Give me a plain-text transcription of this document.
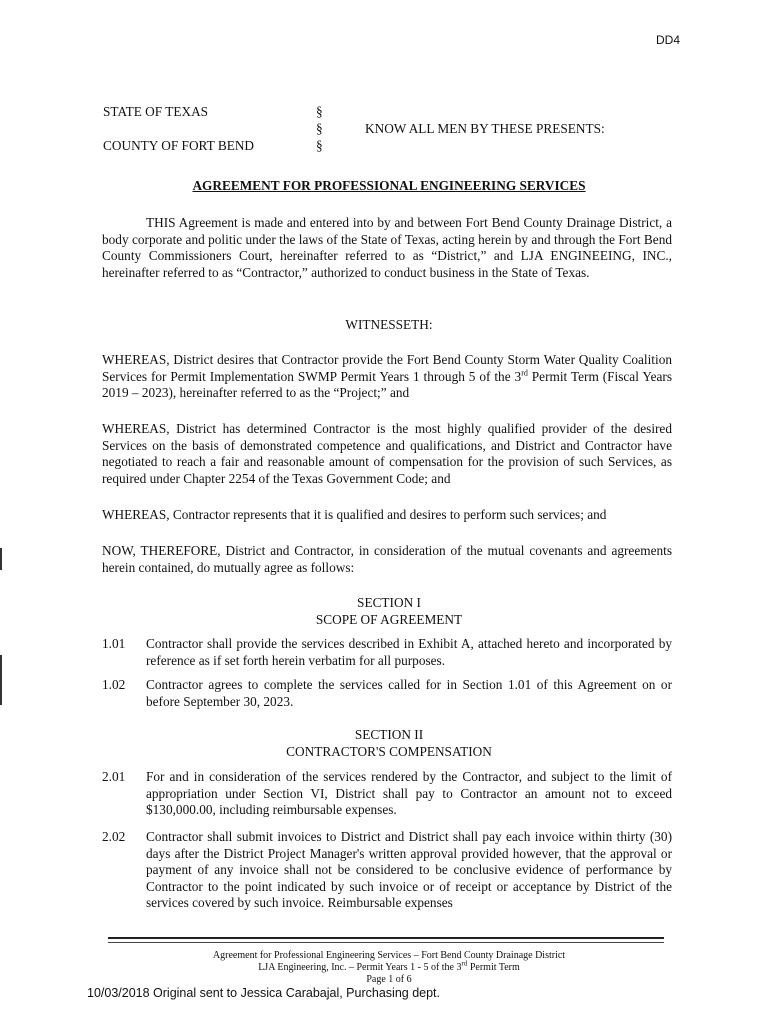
DD4
STATE OF TEXAS
COUNTY OF FORT BEND
§
§
§
KNOW ALL MEN BY THESE PRESENTS:
AGREEMENT FOR PROFESSIONAL ENGINEERING SERVICES
THIS Agreement is made and entered into by and between Fort Bend County Drainage District, a body corporate and politic under the laws of the State of Texas, acting herein by and through the Fort Bend County Commissioners Court, hereinafter referred to as “District,” and LJA ENGINEEING, INC., hereinafter referred to as “Contractor,” authorized to conduct business in the State of Texas.
WITNESSETH:
WHEREAS, District desires that Contractor provide the Fort Bend County Storm Water Quality Coalition Services for Permit Implementation SWMP Permit Years 1 through 5 of the 3rd Permit Term (Fiscal Years 2019 – 2023), hereinafter referred to as the “Project;” and
WHEREAS, District has determined Contractor is the most highly qualified provider of the desired Services on the basis of demonstrated competence and qualifications, and District and Contractor have negotiated to reach a fair and reasonable amount of compensation for the provision of such Services, as required under Chapter 2254 of the Texas Government Code; and
WHEREAS, Contractor represents that it is qualified and desires to perform such services; and
NOW, THEREFORE, District and Contractor, in consideration of the mutual covenants and agreements herein contained, do mutually agree as follows:
SECTION I
SCOPE OF AGREEMENT
1.01 Contractor shall provide the services described in Exhibit A, attached hereto and incorporated by reference as if set forth herein verbatim for all purposes.
1.02 Contractor agrees to complete the services called for in Section 1.01 of this Agreement on or before September 30, 2023.
SECTION II
CONTRACTOR'S COMPENSATION
2.01 For and in consideration of the services rendered by the Contractor, and subject to the limit of appropriation under Section VI, District shall pay to Contractor an amount not to exceed $130,000.00, including reimbursable expenses.
2.02 Contractor shall submit invoices to District and District shall pay each invoice within thirty (30) days after the District Project Manager's written approval provided however, that the approval or payment of any invoice shall not be considered to be conclusive evidence of performance by Contractor to the point indicated by such invoice or of receipt or acceptance by District of the services covered by such invoice. Reimbursable expenses
Agreement for Professional Engineering Services – Fort Bend County Drainage District
LJA Engineering, Inc. – Permit Years 1 - 5 of the 3rd Permit Term
Page 1 of 6
10/03/2018 Original sent to Jessica Carabajal, Purchasing dept.
